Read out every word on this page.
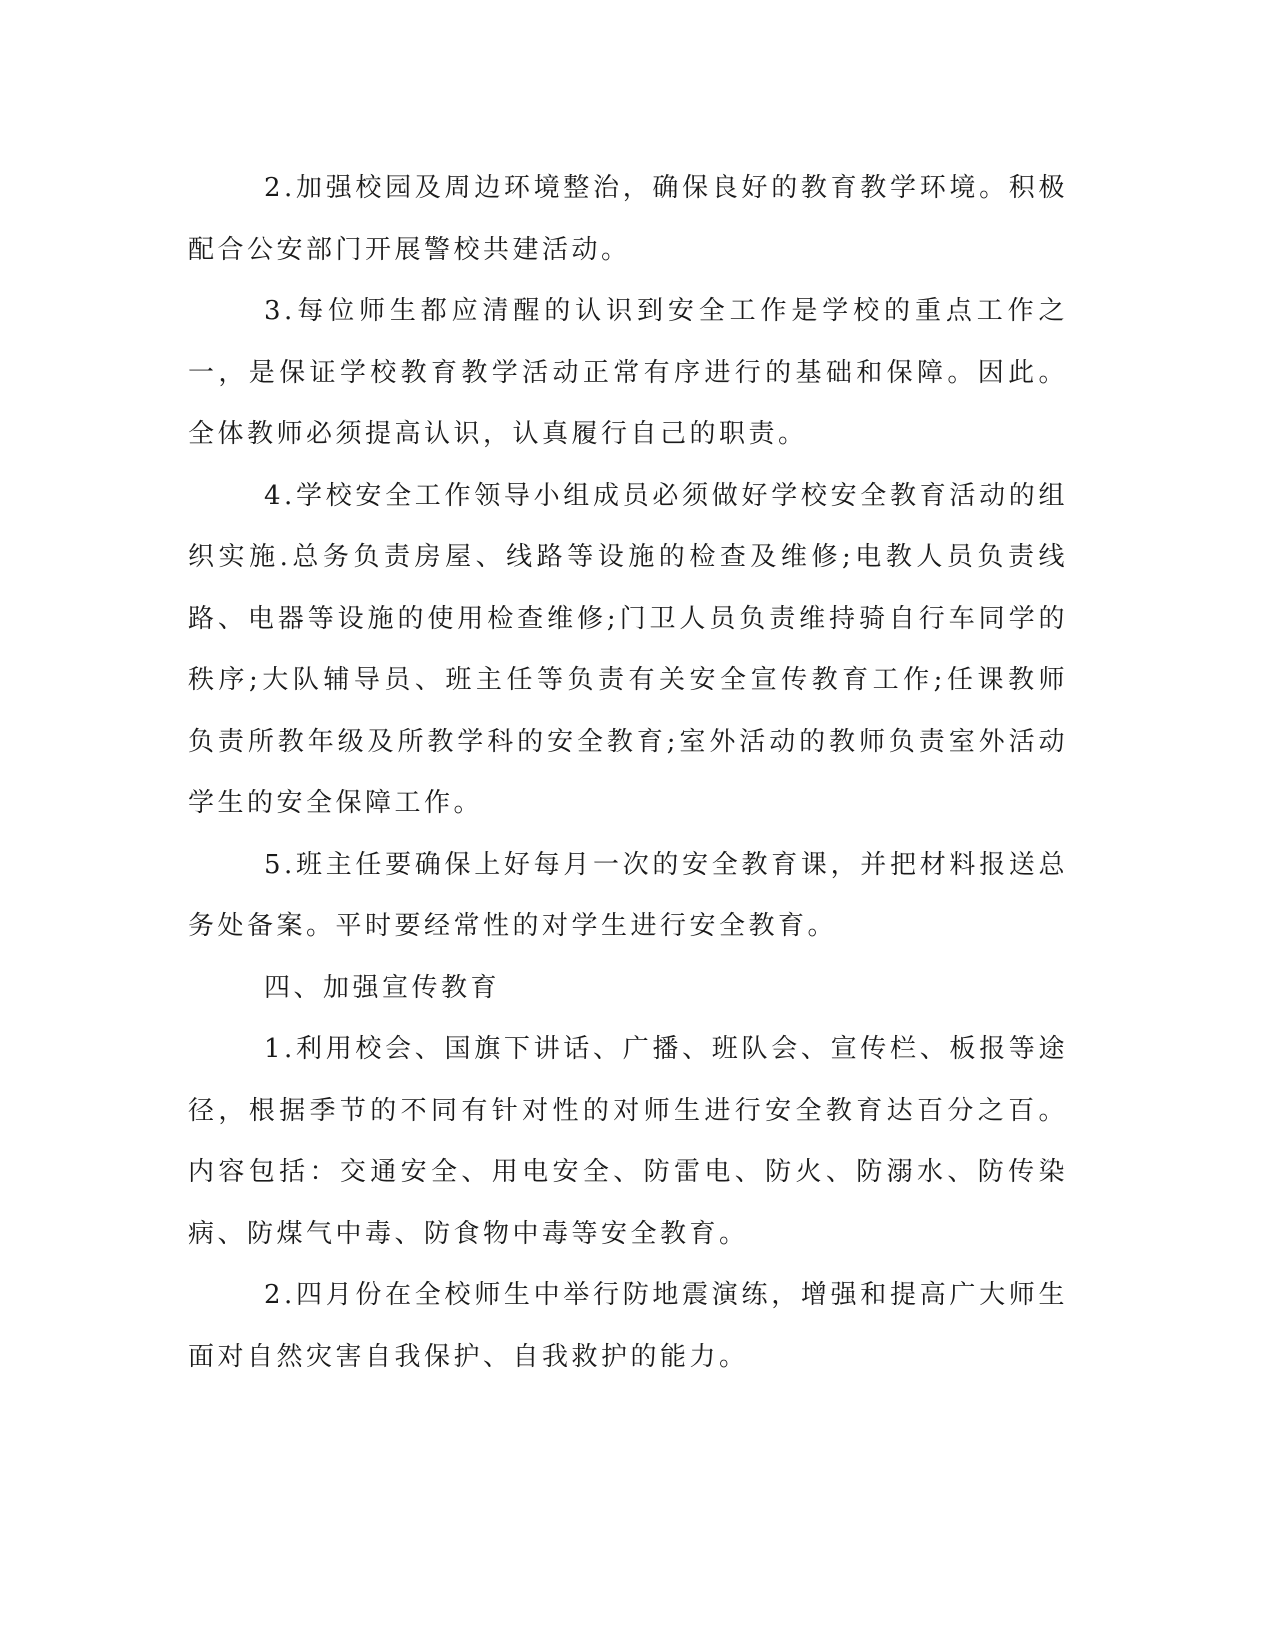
2.加强校园及周边环境整治，确保良好的教育教学环境。积极配合公安部门开展警校共建活动。

3.每位师生都应清醒的认识到安全工作是学校的重点工作之一，是保证学校教育教学活动正常有序进行的基础和保障。因此。全体教师必须提高认识，认真履行自己的职责。

4.学校安全工作领导小组成员必须做好学校安全教育活动的组织实施.总务负责房屋、线路等设施的检查及维修;电教人员负责线路、电器等设施的使用检查维修;门卫人员负责维持骑自行车同学的秩序;大队辅导员、班主任等负责有关安全宣传教育工作;任课教师负责所教年级及所教学科的安全教育;室外活动的教师负责室外活动学生的安全保障工作。

5.班主任要确保上好每月一次的安全教育课，并把材料报送总务处备案。平时要经常性的对学生进行安全教育。

四、加强宣传教育

1.利用校会、国旗下讲话、广播、班队会、宣传栏、板报等途径，根据季节的不同有针对性的对师生进行安全教育达百分之百。内容包括：交通安全、用电安全、防雷电、防火、防溺水、防传染病、防煤气中毒、防食物中毒等安全教育。

2.四月份在全校师生中举行防地震演练，增强和提高广大师生面对自然灾害自我保护、自我救护的能力。
